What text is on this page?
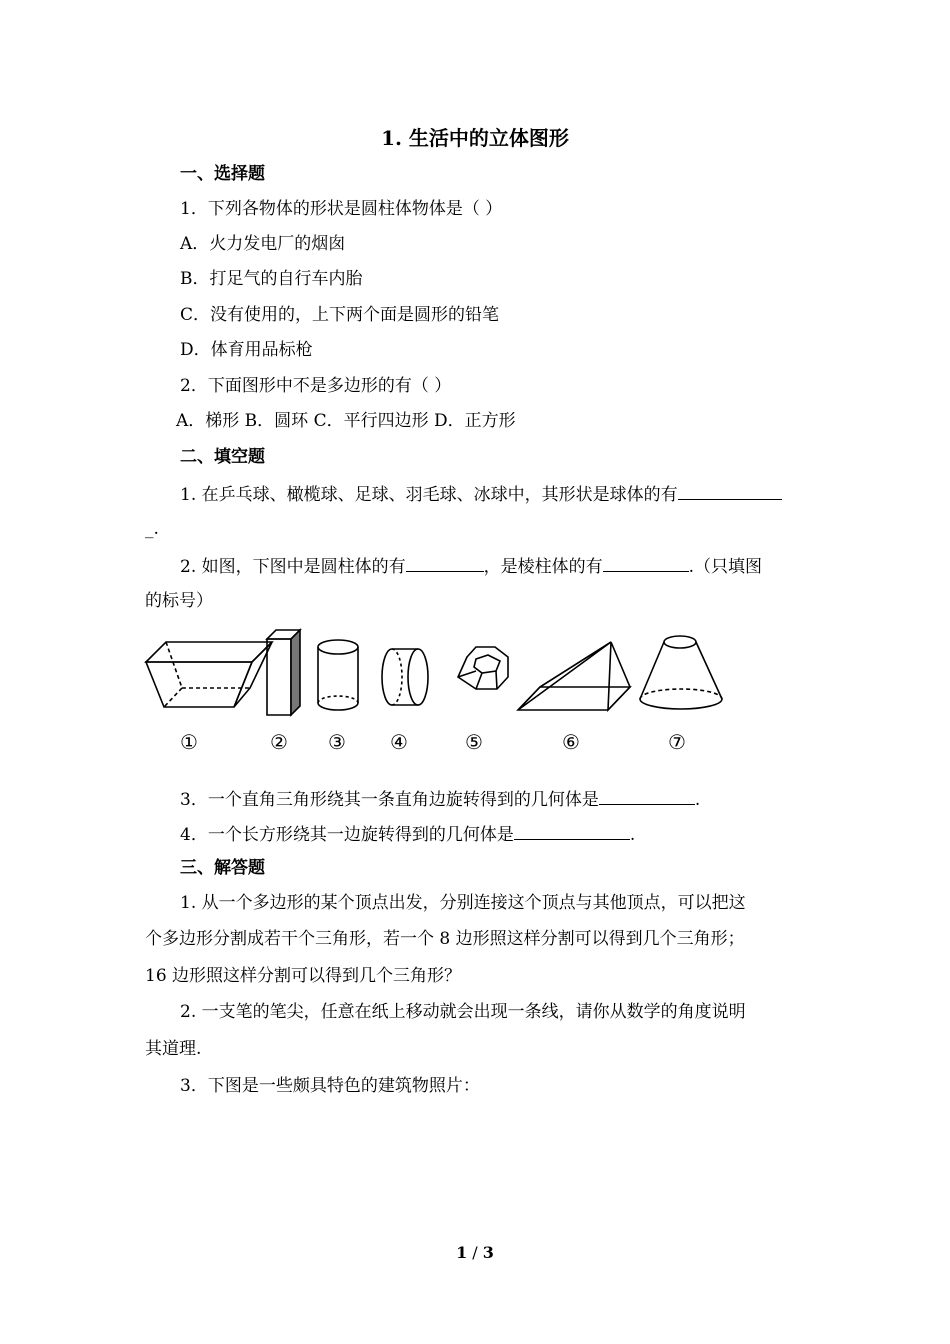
1. 生活中的立体图形
一、选择题
1．下列各物体的形状是圆柱体物体是（ ）
A．火力发电厂的烟囱
B．打足气的自行车内胎
C．没有使用的，上下两个面是圆形的铅笔
D．体育用品标枪
2．下面图形中不是多边形的有（ ）
A．梯形 B．圆环 C．平行四边形 D．正方形
二、填空题
1. 在乒乓球、橄榄球、足球、羽毛球、冰球中，其形状是球体的有
_.
2. 如图，下图中是圆柱体的有	，是棱柱体的有	.（只填图
的标号）
①	② ③ ④	⑤	⑥	⑦
3．一个直角三角形绕其一条直角边旋转得到的几何体是	.
4．一个长方形绕其一边旋转得到的几何体是	.
三、解答题
1. 从一个多边形的某个顶点出发，分别连接这个顶点与其他顶点，可以把这
个多边形分割成若干个三角形，若一个 8 边形照这样分割可以得到几个三角形；
16 边形照这样分割可以得到几个三角形？
2. 一支笔的笔尖，任意在纸上移动就会出现一条线，请你从数学的角度说明
其道理.
3．下图是一些颇具特色的建筑物照片：
1 / 3
